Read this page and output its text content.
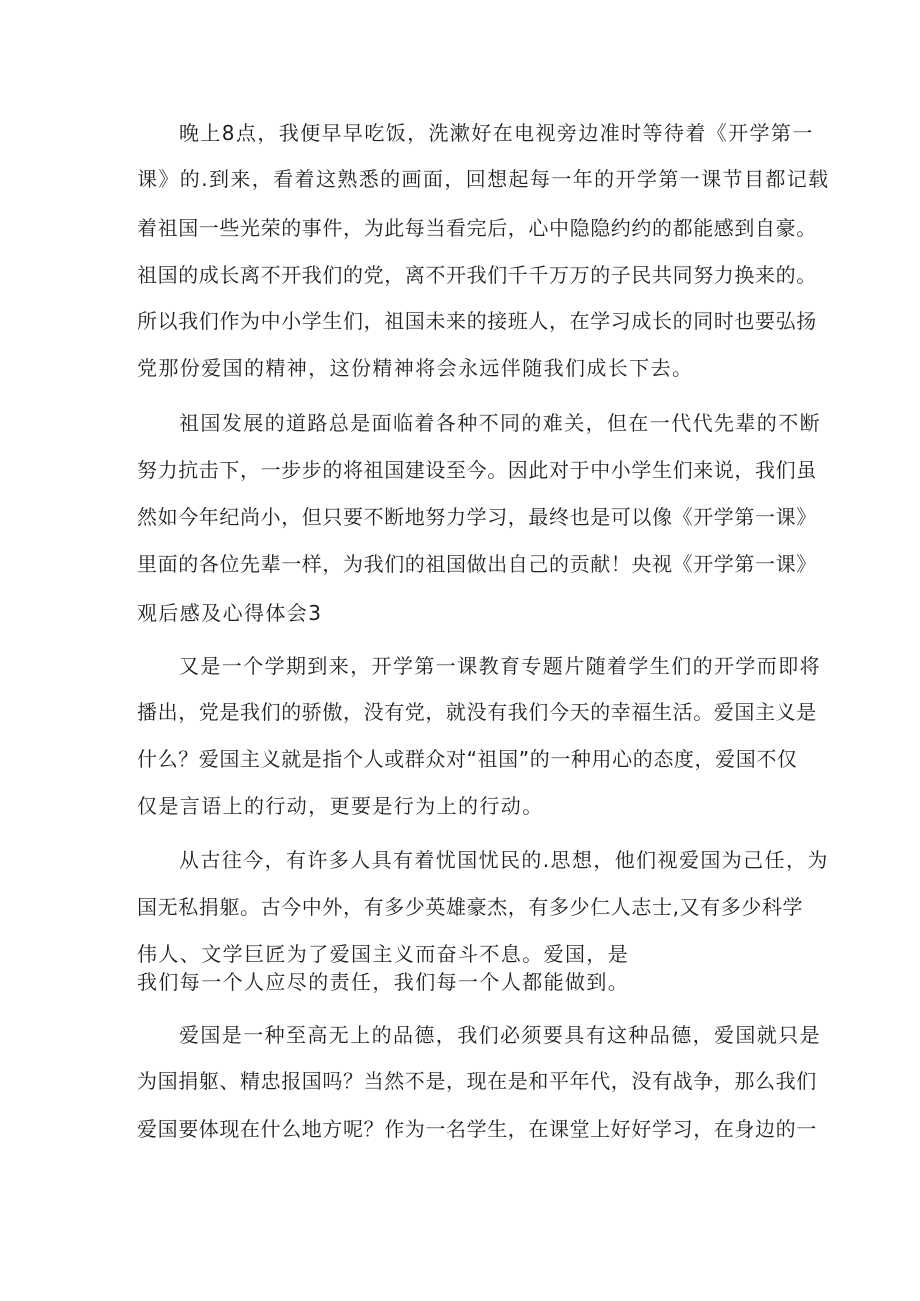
晚上8点，我便早早吃饭，洗漱好在电视旁边准时等待着《开学第一
课》的.到来，看着这熟悉的画面，回想起每一年的开学第一课节目都记载
着祖国一些光荣的事件，为此每当看完后，心中隐隐约约的都能感到自豪。
祖国的成长离不开我们的党，离不开我们千千万万的子民共同努力换来的。
所以我们作为中小学生们，祖国未来的接班人，在学习成长的同时也要弘扬
党那份爱国的精神，这份精神将会永远伴随我们成长下去。
祖国发展的道路总是面临着各种不同的难关，但在一代代先辈的不断
努力抗击下，一步步的将祖国建设至今。因此对于中小学生们来说，我们虽
然如今年纪尚小，但只要不断地努力学习，最终也是可以像《开学第一课》
里面的各位先辈一样，为我们的祖国做出自己的贡献！央视《开学第一课》
观后感及心得体会3
又是一个学期到来，开学第一课教育专题片随着学生们的开学而即将
播出，党是我们的骄傲，没有党，就没有我们今天的幸福生活。爱国主义是
什么？爱国主义就是指个人或群众对“祖国”的一种用心的态度，爱国不仅
仅是言语上的行动，更要是行为上的行动。
从古往今，有许多人具有着忧国忧民的.思想，他们视爱国为己任，为
国无私捐躯。古今中外，有多少英雄豪杰，有多少仁人志士,又有多少科学
伟人、文学巨匠为了爱国主义而奋斗不息。爱国，是
我们每一个人应尽的责任，我们每一个人都能做到。
爱国是一种至高无上的品德，我们必须要具有这种品德，爱国就只是
为国捐躯、精忠报国吗？当然不是，现在是和平年代，没有战争，那么我们
爱国要体现在什么地方呢？作为一名学生，在课堂上好好学习，在身边的一
